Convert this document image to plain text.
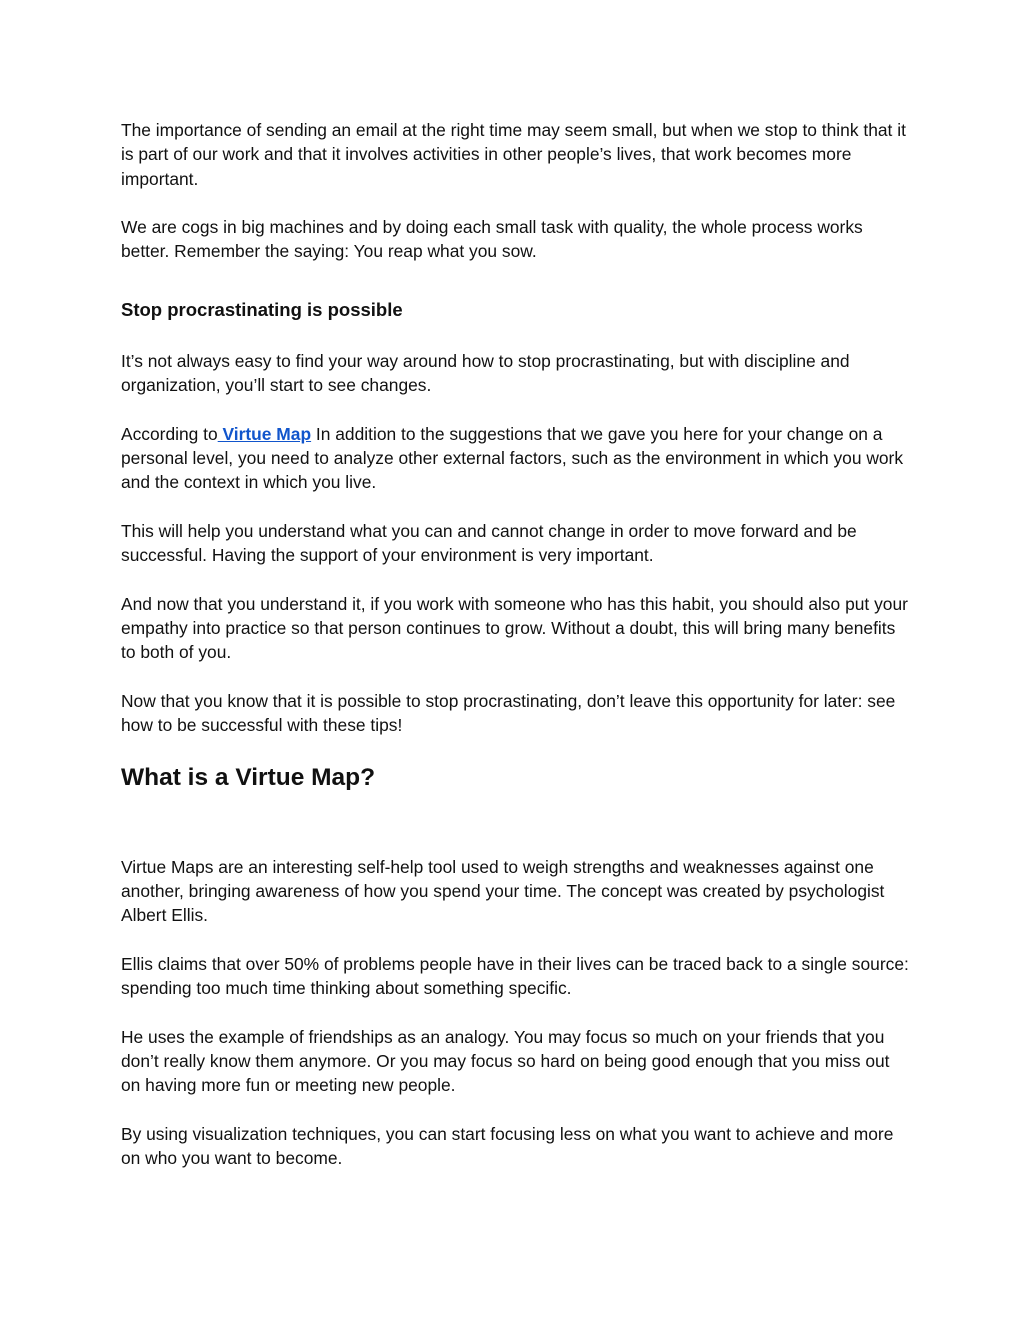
The importance of sending an email at the right time may seem small, but when we stop to think that it is part of our work and that it involves activities in other people’s lives, that work becomes more important.

We are cogs in big machines and by doing each small task with quality, the whole process works better. Remember the saying: You reap what you sow.

Stop procrastinating is possible

It’s not always easy to find your way around how to stop procrastinating, but with discipline and organization, you’ll start to see changes.

According to Virtue Map In addition to the suggestions that we gave you here for your change on a personal level, you need to analyze other external factors, such as the environment in which you work and the context in which you live.

This will help you understand what you can and cannot change in order to move forward and be successful. Having the support of your environment is very important.

And now that you understand it, if you work with someone who has this habit, you should also put your empathy into practice so that person continues to grow. Without a doubt, this will bring many benefits to both of you.

Now that you know that it is possible to stop procrastinating, don’t leave this opportunity for later: see how to be successful with these tips!

What is a Virtue Map?

Virtue Maps are an interesting self-help tool used to weigh strengths and weaknesses against one another, bringing awareness of how you spend your time. The concept was created by psychologist Albert Ellis.

Ellis claims that over 50% of problems people have in their lives can be traced back to a single source: spending too much time thinking about something specific.

He uses the example of friendships as an analogy. You may focus so much on your friends that you don’t really know them anymore. Or you may focus so hard on being good enough that you miss out on having more fun or meeting new people.

By using visualization techniques, you can start focusing less on what you want to achieve and more on who you want to become.
